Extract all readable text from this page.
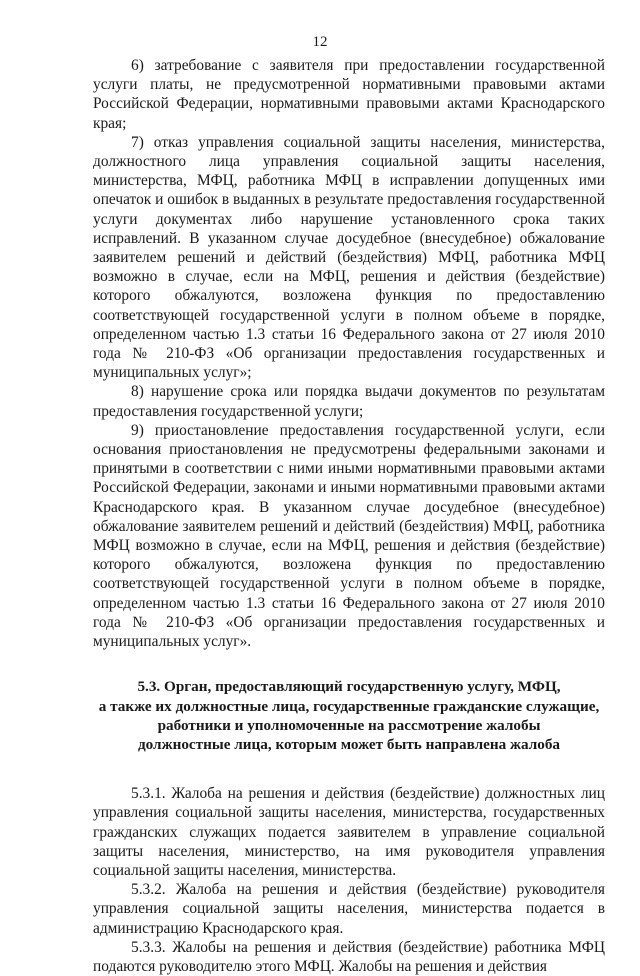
12

6) затребование с заявителя при предоставлении государственной услуги платы, не предусмотренной нормативными правовыми актами Российской Федерации, нормативными правовыми актами Краснодарского края;

7) отказ управления социальной защиты населения, министерства, должностного лица управления социальной защиты населения, министерства, МФЦ, работника МФЦ в исправлении допущенных ими опечаток и ошибок в выданных в результате предоставления государственной услуги документах либо нарушение установленного срока таких исправлений. В указанном случае досудебное (внесудебное) обжалование заявителем решений и действий (бездействия) МФЦ, работника МФЦ возможно в случае, если на МФЦ, решения и действия (бездействие) которого обжалуются, возложена функция по предоставлению соответствующей государственной услуги в полном объеме в порядке, определенном частью 1.3 статьи 16 Федерального закона от 27 июля 2010 года № 210-ФЗ «Об организации предоставления государственных и муниципальных услуг»;

8) нарушение срока или порядка выдачи документов по результатам предоставления государственной услуги;

9) приостановление предоставления государственной услуги, если основания приостановления не предусмотрены федеральными законами и принятыми в соответствии с ними иными нормативными правовыми актами Российской Федерации, законами и иными нормативными правовыми актами Краснодарского края. В указанном случае досудебное (внесудебное) обжалование заявителем решений и действий (бездействия) МФЦ, работника МФЦ возможно в случае, если на МФЦ, решения и действия (бездействие) которого обжалуются, возложена функция по предоставлению соответствующей государственной услуги в полном объеме в порядке, определенном частью 1.3 статьи 16 Федерального закона от 27 июля 2010 года № 210-ФЗ «Об организации предоставления государственных и муниципальных услуг».

5.3. Орган, предоставляющий государственную услугу, МФЦ,
а также их должностные лица, государственные гражданские служащие,
работники и уполномоченные на рассмотрение жалобы
должностные лица, которым может быть направлена жалоба

5.3.1. Жалоба на решения и действия (бездействие) должностных лиц управления социальной защиты населения, министерства, государственных гражданских служащих подается заявителем в управление социальной защиты населения, министерство, на имя руководителя управления социальной защиты населения, министерства.

5.3.2. Жалоба на решения и действия (бездействие) руководителя управления социальной защиты населения, министерства подается в администрацию Краснодарского края.

5.3.3. Жалобы на решения и действия (бездействие) работника МФЦ подаются руководителю этого МФЦ. Жалобы на решения и действия
